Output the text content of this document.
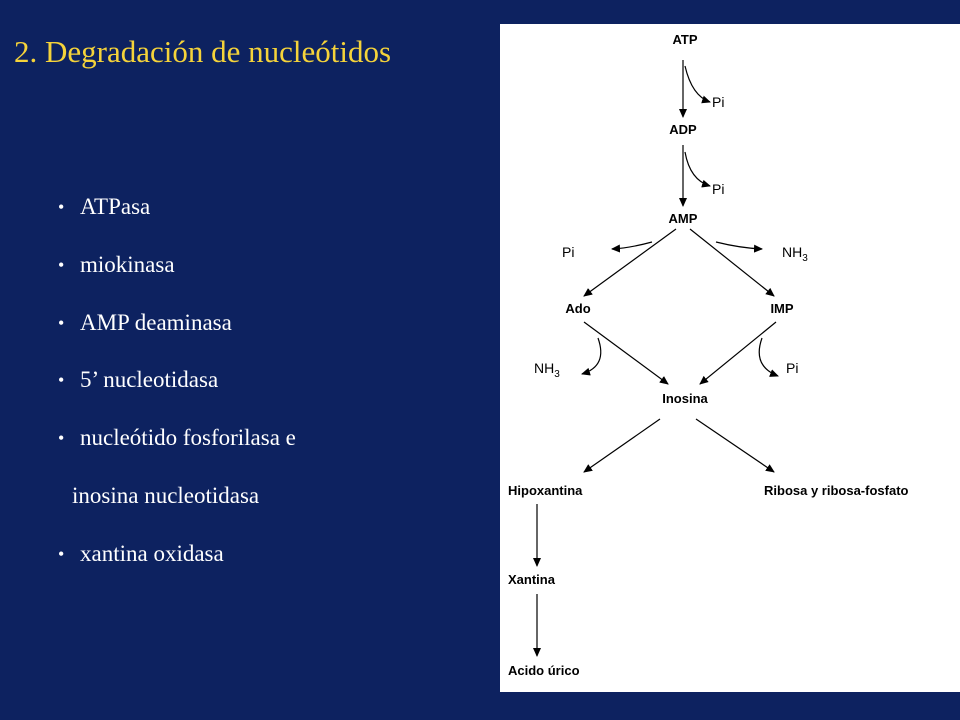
2. Degradación de nucleótidos
• ATPasa
• miokinasa
• AMP deaminasa
• 5’ nucleotidasa
• nucleótido fosforilasa e
inosina nucleotidasa
• xantina oxidasa
ATP
ADP
AMP
Ado	IMP
Inosina
Hipoxantina	Ribosa y ribosa-fosfato
Xantina
Acido úrico
Pi
Pi
Pi	$NH_3$
$NH_3$	Pi
